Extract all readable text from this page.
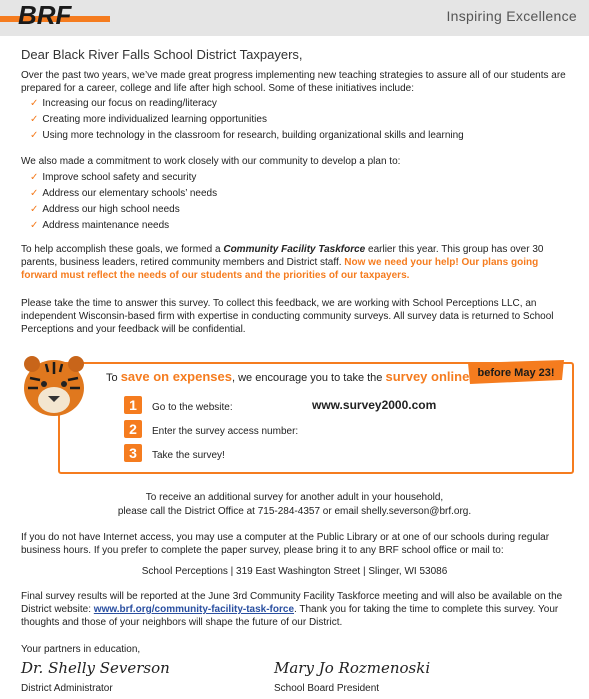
BRF	Inspiring Excellence
Dear Black River Falls School District Taxpayers,
Over the past two years, we’ve made great progress implementing new teaching strategies to assure all of our students are prepared for a career, college and life after high school. Some of these initiatives include:
✓ Increasing our focus on reading/literacy
✓ Creating more individualized learning opportunities
✓ Using more technology in the classroom for research, building organizational skills and learning
We also made a commitment to work closely with our community to develop a plan to:
✓ Improve school safety and security
✓ Address our elementary schools’ needs
✓ Address our high school needs
✓ Address maintenance needs
To help accomplish these goals, we formed a Community Facility Taskforce earlier this year. This group has over 30 parents, business leaders, retired community members and District staff. Now we need your help! Our plans going forward must reflect the needs of our students and the priorities of our taxpayers.
Please take the time to answer this survey. To collect this feedback, we are working with School Perceptions LLC, an independent Wisconsin-based firm with expertise in conducting community surveys. All survey data is returned to School Perceptions and your feedback will be confidential.
before May 23!
To save on expenses, we encourage you to take the survey online
1	Go to the website:	www.survey2000.com
2	Enter the survey access number:
3	Take the survey!
To receive an additional survey for another adult in your household,
please call the District Office at 715-284-4357 or email shelly.severson@brf.org.
If you do not have Internet access, you may use a computer at the Public Library or at one of our schools during regular business hours. If you prefer to complete the paper survey, please bring it to any BRF school office or mail to:
School Perceptions | 319 East Washington Street | Slinger, WI 53086
Final survey results will be reported at the June 3rd Community Facility Taskforce meeting and will also be available on the District website: www.brf.org/community-facility-task-force. Thank you for taking the time to complete this survey. Your thoughts and those of your neighbors will shape the future of our District.
Your partners in education,
Dr. Shelly Severson
District Administrator
Mary Jo Rozmenoski
School Board President
